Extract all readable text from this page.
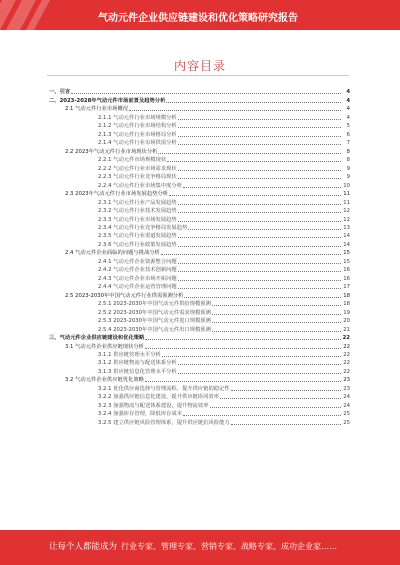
气动元件企业供应链建设和优化策略研究报告
内容目录
一、引言	4
二、2023-2028年气动元件市场前景及趋势分析	4
2.1 气动元件行业市场概况	4
2.1.1 气动元件行业市场规模分析	4
2.1.2 气动元件行业市场结构分析	5
2.1.3 气动元件行业市场格局分析	6
2.1.4 气动元件行业市场供需分析	7
2.2 2023年气动元件行业市场现状分析	8
2.2.1 气动元件市场规模现状	8
2.2.2 气动元件行业市场需求现状	9
2.2.3 气动元件行业竞争格局现状	9
2.2.4 气动元件行业市场集中度分析	10
2.3 2023年气动元件行业市场发展趋势分析	11
2.3.1 气动元件行业产品发展趋势	11
2.3.2 气动元件行业技术发展趋势	12
2.3.3 气动元件行业市场发展趋势	12
2.3.4 气动元件行业竞争格局发展趋势	13
2.3.5 气动元件行业渠道发展趋势	14
2.3.6 气动元件行业政策发展趋势	14
2.4 气动元件企业面临的问题与挑战分析	15
2.4.1 气动元件企业资源整合问题	15
2.4.2 气动元件企业技术创新问题	16
2.4.3 气动元件企业市场开拓问题	16
2.4.4 气动元件企业运营管理问题	17
2.5 2023-2030年中国气动元件行业供需预测分析	18
2.5.1 2023-2030年中国气动元件供给规模预测	18
2.5.2 2023-2030年中国气动元件需求规模预测	19
2.5.3 2023-2030年中国气动元件进口规模预测	20
2.5.4 2023-2030年中国气动元件出口规模预测	21
三、气动元件企业供应链建设和优化策略	22
3.1 气动元件企业供应链现状分析	22
3.1.1 供应链管理水平分析	22
3.1.2 供应链物流与配送体系分析	22
3.1.3 供应链信息化管理水平分析	22
3.2 气动元件企业供应链优化策略	23
3.2.1 优化供应商选择与管理流程，提升供应链的稳定性	23
3.2.2 加强供应链信息化建设，提升供应链协同效率	24
3.2.3 加强物流与配送体系建设，提升物流效率	24
3.2.4 加强库存管理，降低库存成本	25
3.2.5 建立供应链风险管理体系，提升供应链抗风险能力	25
让每个人都能成为 行业专家、管理专家、营销专家、战略专家、成功企业家……
